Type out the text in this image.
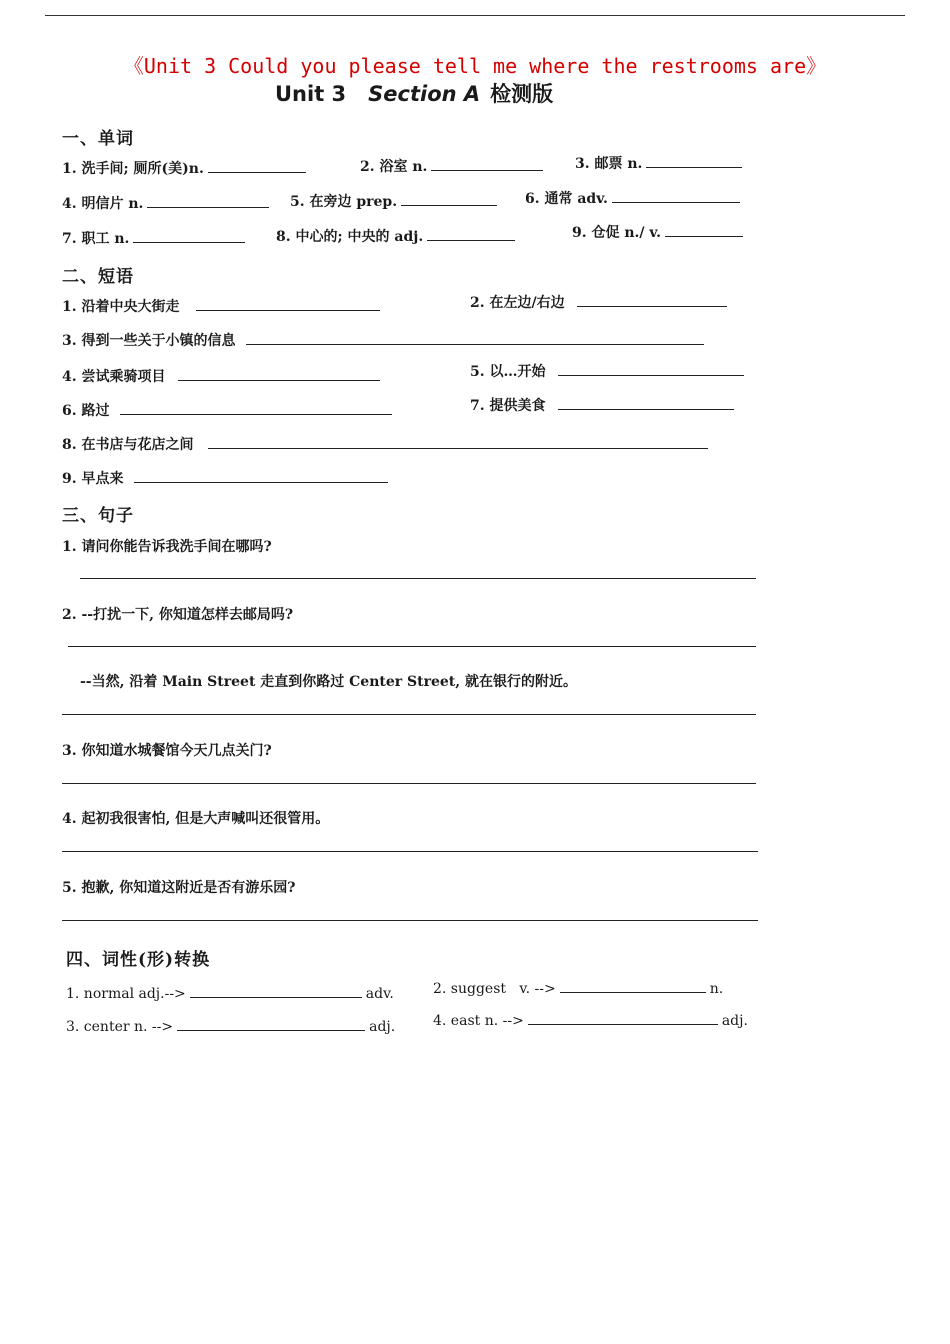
《Unit 3 Could you please tell me where the restrooms are》
Unit 3 Section A 检测版
一、单词
1. 洗手间; 厕所(美)n.	2. 浴室 n.	3. 邮票 n.
4. 明信片 n.	5. 在旁边 prep.	6. 通常 adv.
7. 职工 n.	8. 中心的; 中央的 adj.	9. 仓促 n./ v.
二、短语
1. 沿着中央大街走	2. 在左边/右边
3. 得到一些关于小镇的信息
4. 尝试乘骑项目	5. 以…开始
6. 路过	7. 提供美食
8. 在书店与花店之间
9. 早点来
三、句子
1. 请问你能告诉我洗手间在哪吗?
2. --打扰一下, 你知道怎样去邮局吗?
--当然, 沿着 Main Street 走直到你路过 Center Street, 就在银行的附近。
3. 你知道水城餐馆今天几点关门?
4. 起初我很害怕, 但是大声喊叫还很管用。
5. 抱歉, 你知道这附近是否有游乐园?
四、词性(形)转换
1. normal adj.-->	adv.	2. suggest   v. -->	n.
3. center n. -->	adj.	4. east n. -->	adj.
